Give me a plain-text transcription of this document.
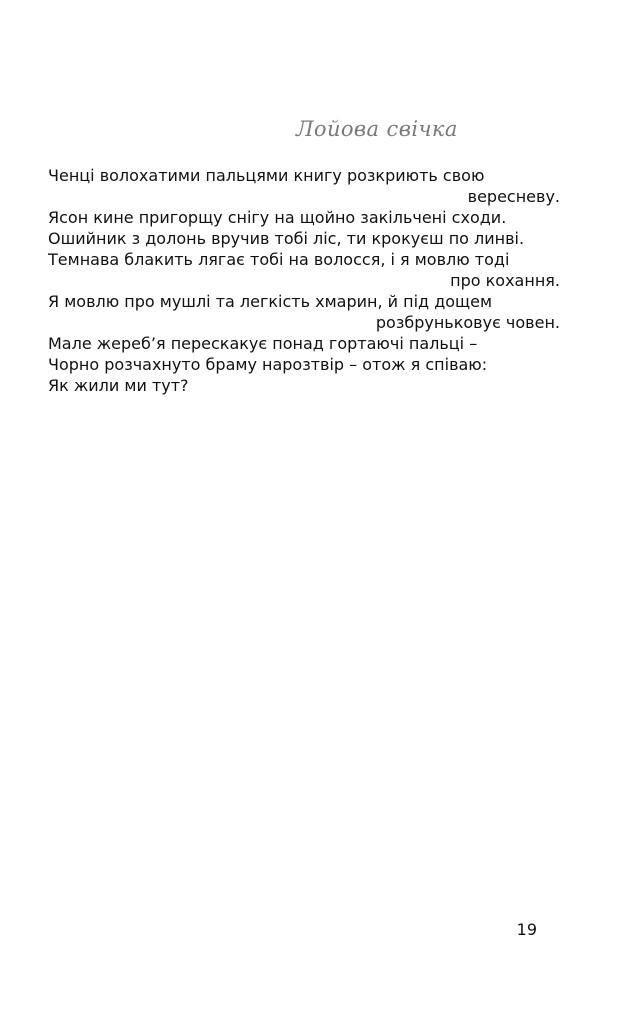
Лойова свічка
Ченці волохатими пальцями книгу розкриють свою
вересневу.
Ясон кине пригорщу снігу на щойно закільчені сходи.
Ошийник з долонь вручив тобі ліс, ти крокуєш по линві.
Темнава блакить лягає тобі на волосся, і я мовлю тоді
про кохання.
Я мовлю про мушлі та легкість хмарин, й під дощем
розбруньковує човен.
Мале жереб’я перескакує понад гортаючі пальці –
Чорно розчахнуто браму нарозтвір – отож я співаю:
Як жили ми тут?
19
